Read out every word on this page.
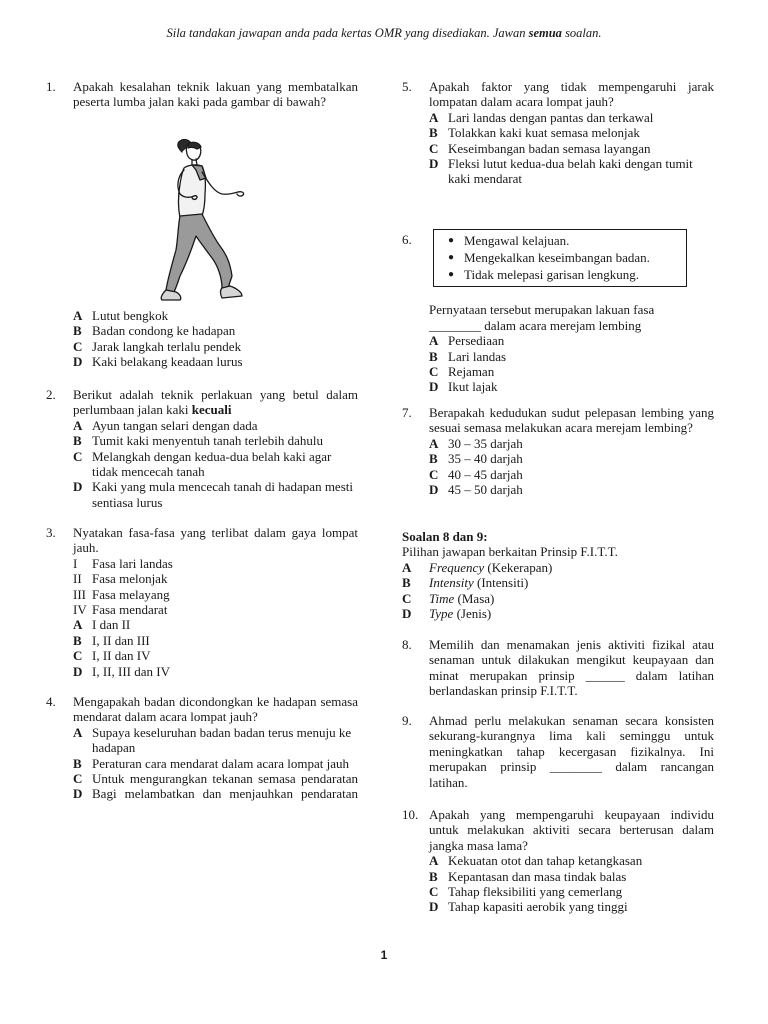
Sila tandakan jawapan anda pada kertas OMR yang disediakan. Jawan semua soalan.
1. Apakah kesalahan teknik lakuan yang membatalkan peserta lumba jalan kaki pada gambar di bawah?

A Lutut bengkok
B Badan condong ke hadapan
C Jarak langkah terlalu pendek
D Kaki belakang keadaan lurus
2. Berikut adalah teknik perlakuan yang betul dalam perlumbaan jalan kaki kecuali

A Ayun tangan selari dengan dada
B Tumit kaki menyentuh tanah terlebih dahulu
C Melangkah dengan kedua-dua belah kaki agar tidak mencecah tanah
D Kaki yang mula mencecah tanah di hadapan mesti sentiasa lurus
3. Nyatakan fasa-fasa yang terlibat dalam gaya lompat jauh.

I	Fasa lari landas
II Fasa melonjak
III Fasa melayang
IV Fasa mendarat
A I dan II
B I, II dan III
C I, II dan IV
D I, II, III dan IV
4. Mengapakah badan dicondongkan ke hadapan semasa mendarat dalam acara lompat jauh?

A Supaya keseluruhan badan badan terus menuju ke hadapan
B Peraturan cara mendarat dalam acara lompat jauh
C Untuk mengurangkan tekanan semasa pendaratan
D Bagi melambatkan dan menjauhkan pendaratan
5. Apakah faktor yang tidak mempengaruhi jarak lompatan dalam acara lompat jauh?

A Lari landas dengan pantas dan terkawal
B Tolakkan kaki kuat semasa melonjak
C Keseimbangan badan semasa layangan
D Fleksi lutut kedua-dua belah kaki dengan tumit kaki mendarat
6.	● Mengawal kelajuan.
● Mengekalkan keseimbangan badan.
● Tidak melepasi garisan lengkung.

Pernyataan tersebut merupakan lakuan fasa
________ dalam acara merejam lembing

A Persediaan
B Lari landas
C Rejaman
D Ikut lajak
7. Berapakah kedudukan sudut pelepasan lembing yang sesuai semasa melakukan acara merejam lembing?

A 30 – 35 darjah
B 35 – 40 darjah
C 40 – 45 darjah
D 45 – 50 darjah

Soalan 8 dan 9:

Pilihan jawapan berkaitan Prinsip F.I.T.T.

A	Frequency (Kekerapan)
B	Intensity (Intensiti)
C	Time (Masa)
D	Type (Jenis)
8. Memilih dan menamakan jenis aktiviti fizikal atau senaman untuk dilakukan mengikut keupayaan dan minat merupakan prinsip ______ dalam latihan berlandaskan prinsip F.I.T.T.

9. Ahmad perlu melakukan senaman secara konsisten sekurang-kurangnya lima kali seminggu untuk meningkatkan tahap kecergasan fizikalnya. Ini merupakan prinsip ________ dalam rancangan latihan.

10. Apakah yang mempengaruhi keupayaan individu untuk melakukan aktiviti secara berterusan dalam jangka masa lama?

A Kekuatan otot dan tahap ketangkasan
B Kepantasan dan masa tindak balas
C Tahap fleksibiliti yang cemerlang
D Tahap kapasiti aerobik yang tinggi
1
